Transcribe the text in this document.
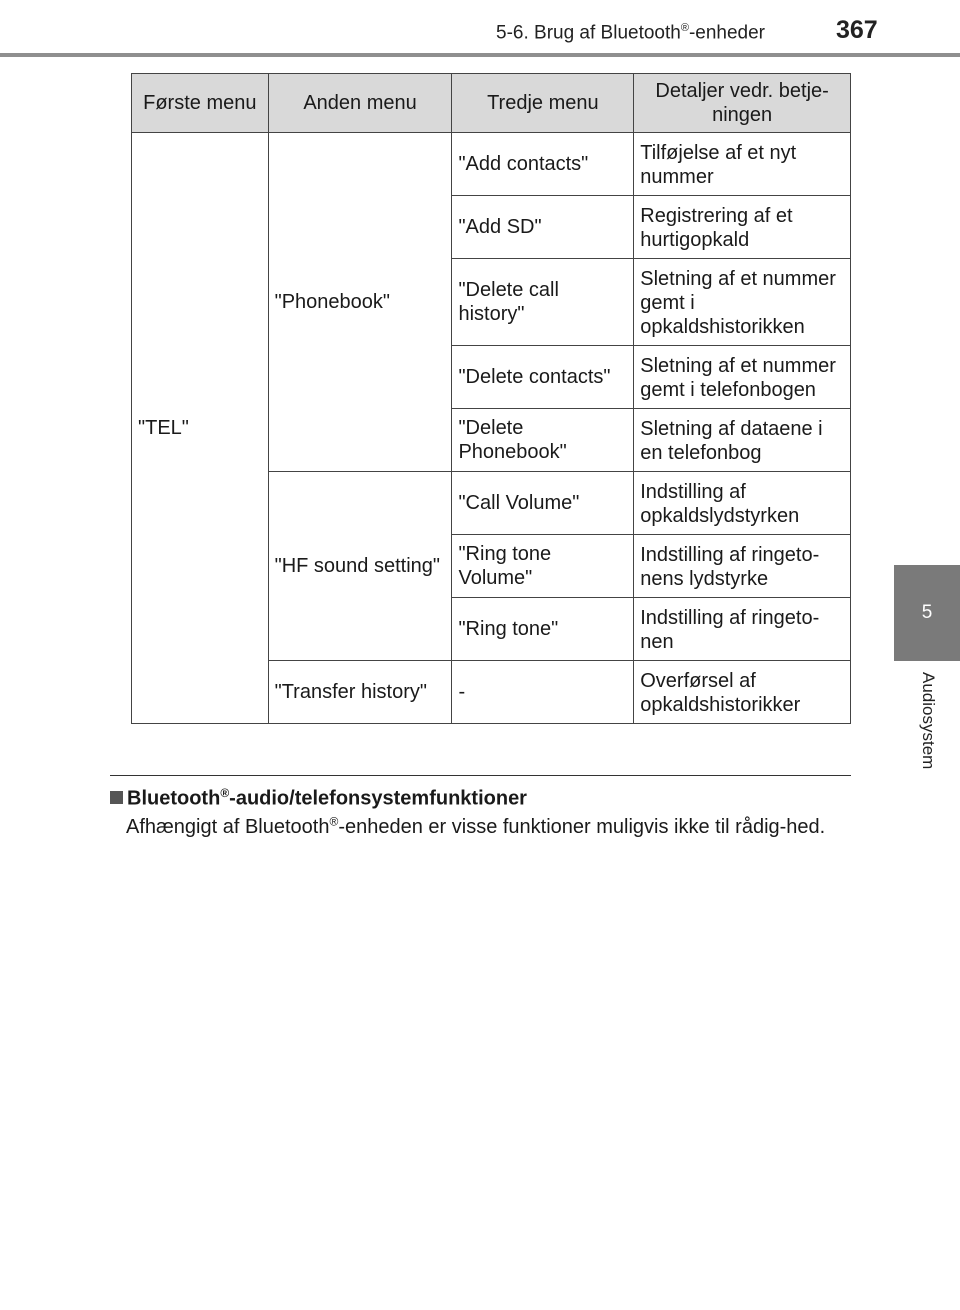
5-6. Brug af Bluetooth®-enheder	367
5
Audiosystem
Første menu	Anden menu	Tredje menu	Detaljer vedr. betje-ningen
"TEL"	"Phonebook"	"Add contacts"	Tilføjelse af et nyt nummer
		"Add SD"	Registrering af et hurtigopkald
		"Delete call history"	Sletning af et nummer gemt i opkaldshistorikken
		"Delete contacts"	Sletning af et nummer gemt i telefonbogen
		"Delete Phonebook"	Sletning af dataene i en telefonbog
	"HF sound setting"	"Call Volume"	Indstilling af opkaldslydstyrken
		"Ring tone Volume"	Indstilling af ringeto-nens lydstyrke
		"Ring tone"	Indstilling af ringeto-nen
	"Transfer history"	-	Overførsel af opkaldshistorikker
Bluetooth®-audio/telefonsystemfunktioner
Afhængigt af Bluetooth®-enheden er visse funktioner muligvis ikke til rådig-hed.
